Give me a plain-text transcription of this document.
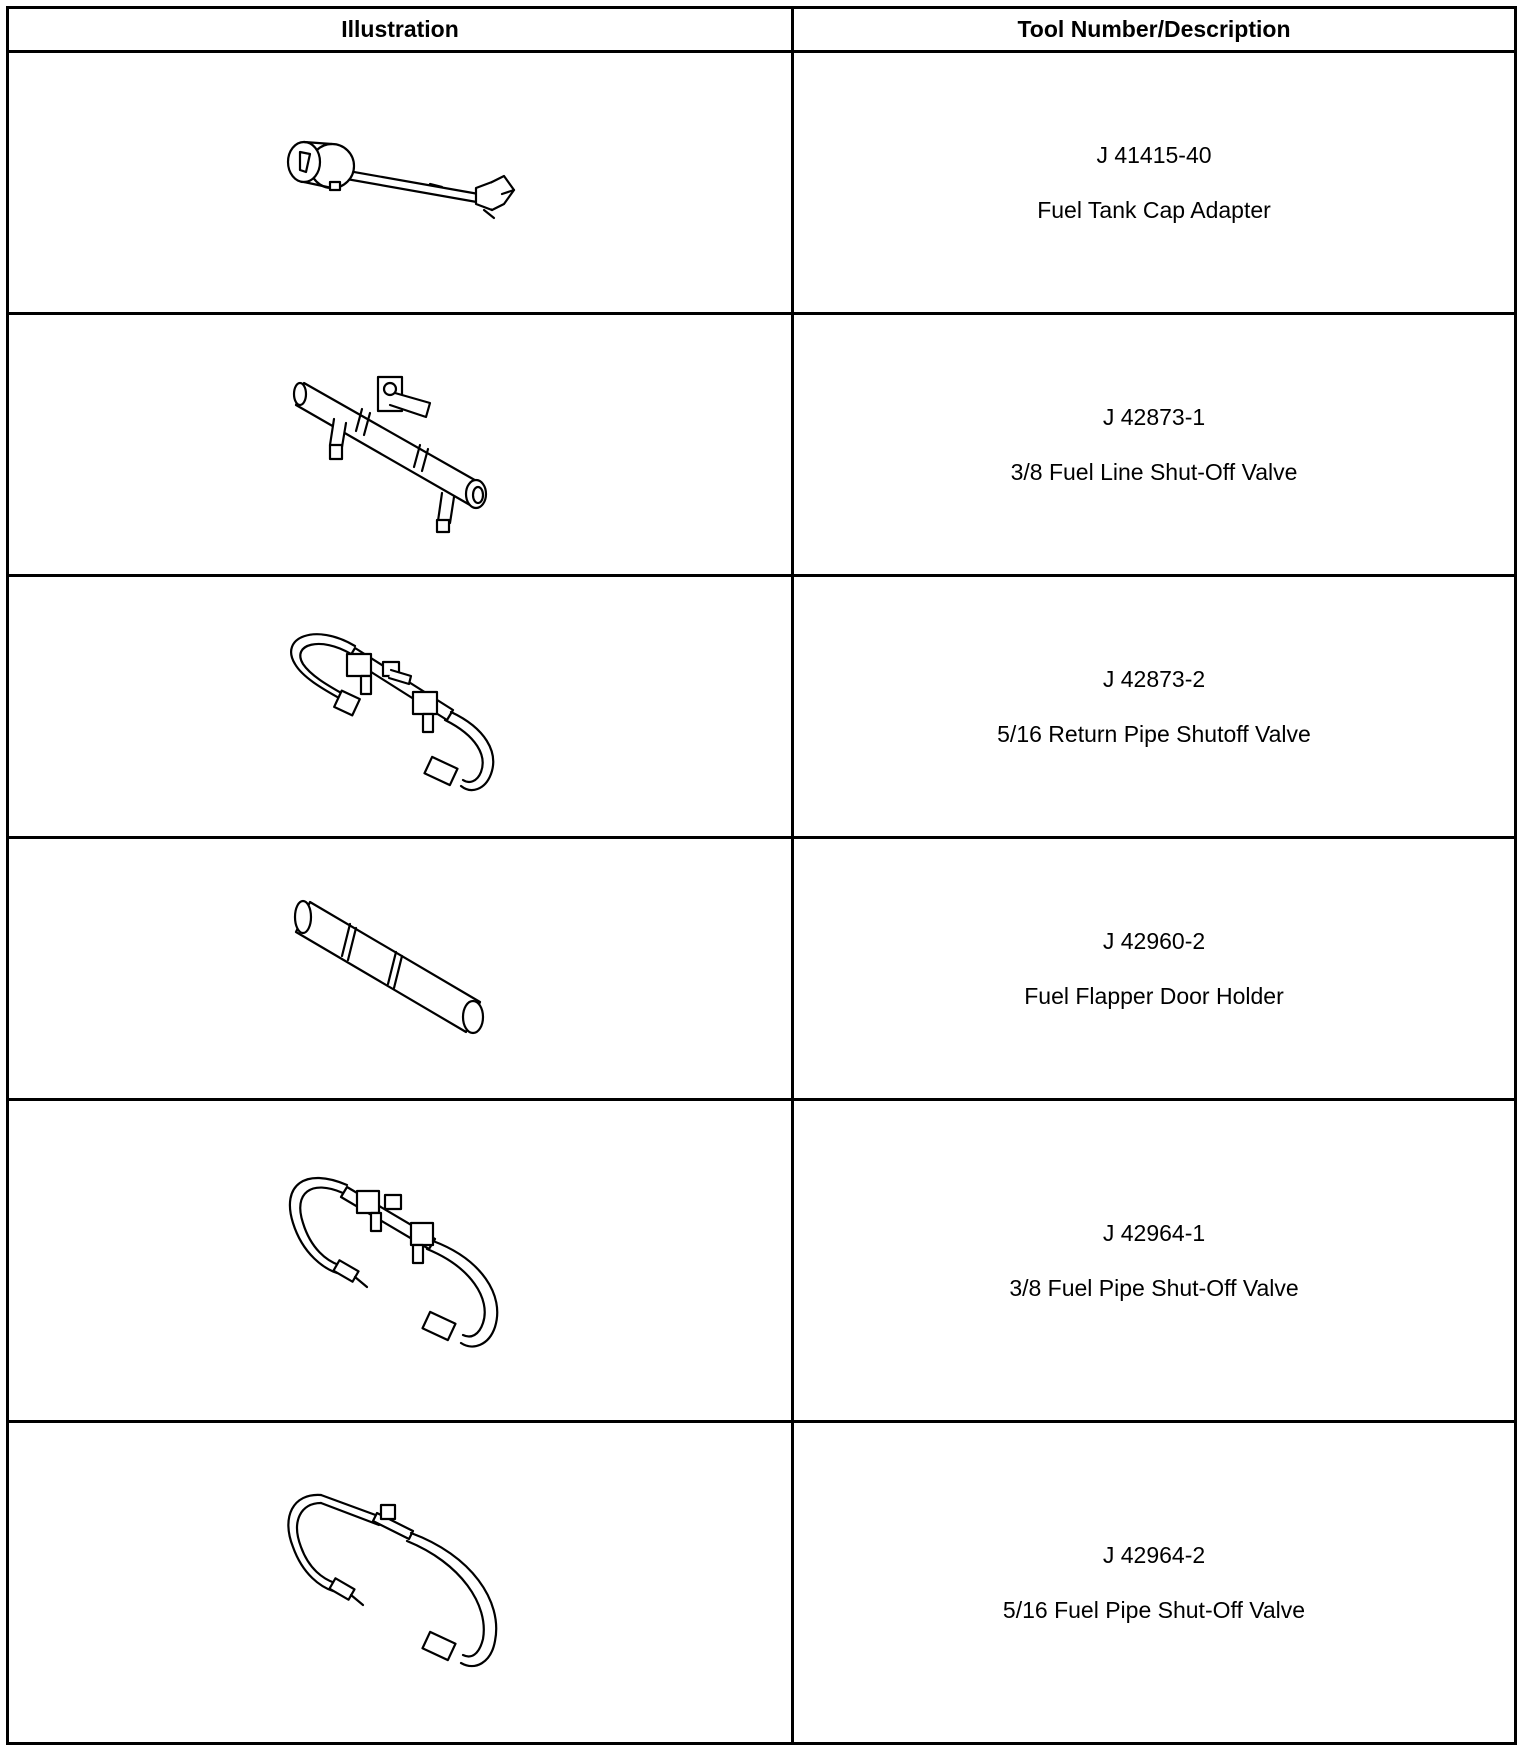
Illustration	Tool Number/Description

J 41415-40
Fuel Tank Cap Adapter

J 42873-1
3/8 Fuel Line Shut-Off Valve

J 42873-2
5/16 Return Pipe Shutoff Valve

J 42960-2
Fuel Flapper Door Holder

J 42964-1
3/8 Fuel Pipe Shut-Off Valve

J 42964-2
5/16 Fuel Pipe Shut-Off Valve
